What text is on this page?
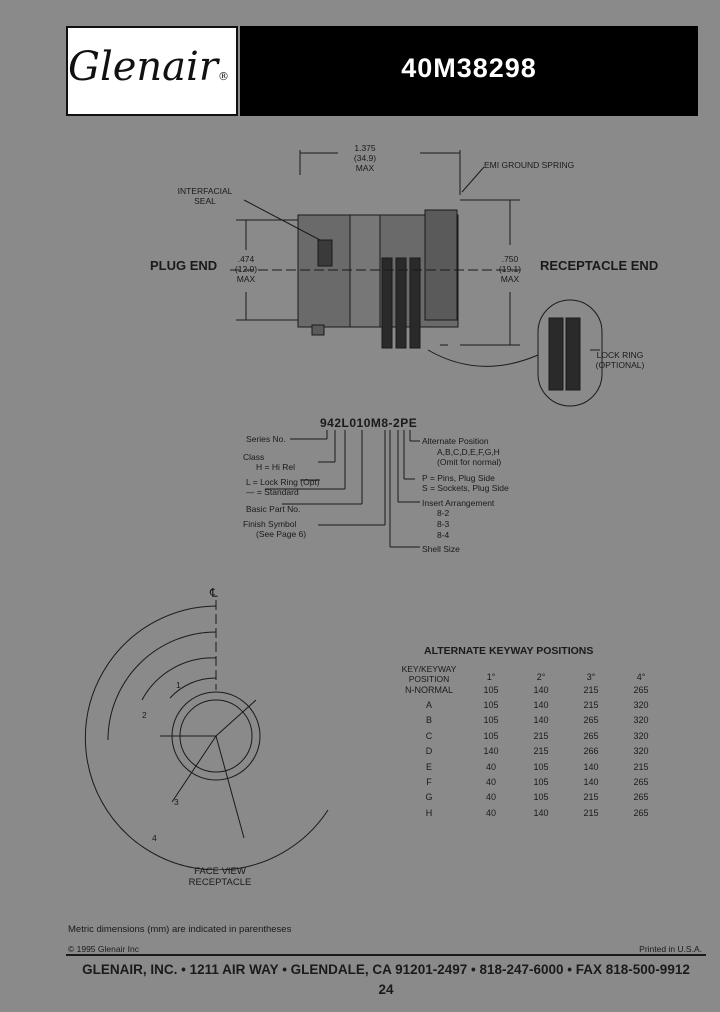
Glenair®	40M38298
1.375
(34.9)
MAX	EMI GROUND SPRING
INTERFACIAL
SEAL
PLUG END	RECEPTACLE END
.474
(12.0)
MAX
.750
(19.1)
MAX
LOCK RING
(OPTIONAL)
942L010M8-2PE
Series No.
Class
H = Hi Rel
L = Lock Ring (Opt)
— = Standard
Basic Part No.
Finish Symbol
(See Page 6)
Alternate Position
A,B,C,D,E,F,G,H
(Omit for normal)
P = Pins, Plug Side
S = Sockets, Plug Side
Insert Arrangement
8-2
8-3
8-4
Shell Size
℄
1
2
3
4
FACE VIEW
RECEPTACLE
ALTERNATE KEYWAY POSITIONS
KEY/KEYWAY
POSITION
		1°	2°	3°	4°
N-NORMAL	105	140	215	265
A	105	140	215	320
B	105	140	265	320
C	105	215	265	320
D	140	215	266	320
E	40	105	140	215
F	40	105	140	265
G	40	105	215	265
H	40	140	215	265
Metric dimensions (mm) are indicated in parentheses
© 1995 Glenair Inc	Printed in U.S.A.
GLENAIR, INC. • 1211 AIR WAY • GLENDALE, CA 91201-2497 • 818-247-6000 • FAX 818-500-9912
24
